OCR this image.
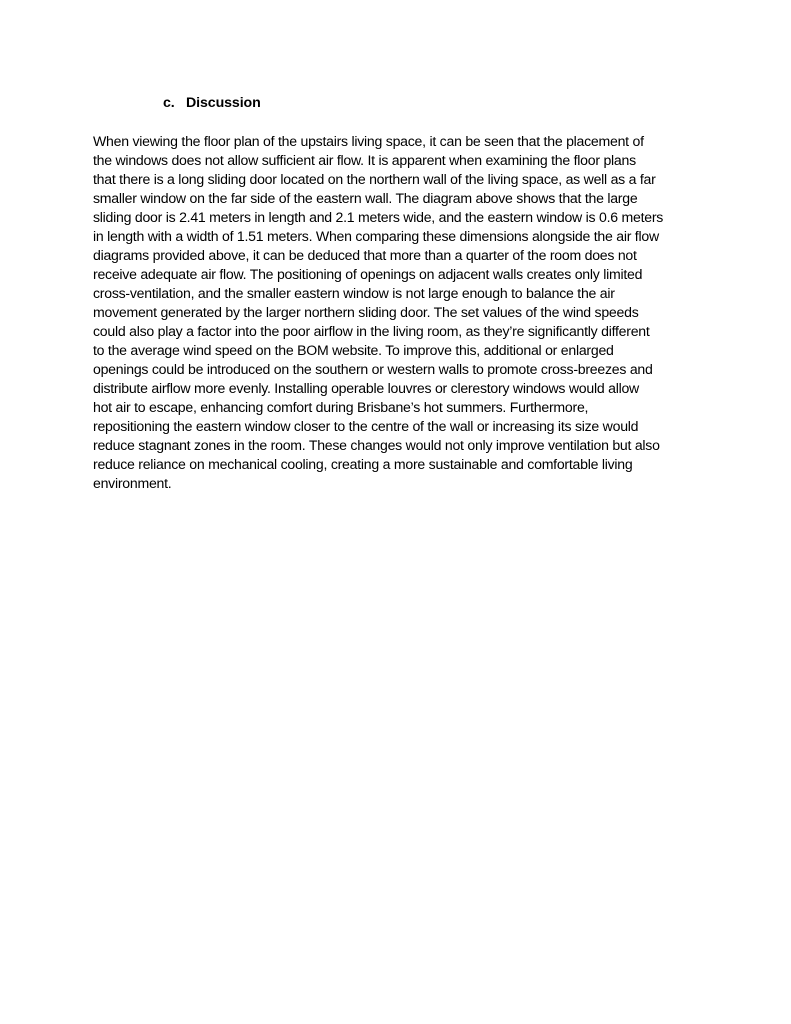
c. Discussion
When viewing the floor plan of the upstairs living space, it can be seen that the placement of
the windows does not allow sufficient air flow. It is apparent when examining the floor plans
that there is a long sliding door located on the northern wall of the living space, as well as a far
smaller window on the far side of the eastern wall. The diagram above shows that the large
sliding door is 2.41 meters in length and 2.1 meters wide, and the eastern window is 0.6 meters
in length with a width of 1.51 meters. When comparing these dimensions alongside the air flow
diagrams provided above, it can be deduced that more than a quarter of the room does not
receive adequate air flow. The positioning of openings on adjacent walls creates only limited
cross-ventilation, and the smaller eastern window is not large enough to balance the air
movement generated by the larger northern sliding door. The set values of the wind speeds
could also play a factor into the poor airflow in the living room, as they’re significantly different
to the average wind speed on the BOM website. To improve this, additional or enlarged
openings could be introduced on the southern or western walls to promote cross-breezes and
distribute airflow more evenly. Installing operable louvres or clerestory windows would allow
hot air to escape, enhancing comfort during Brisbane’s hot summers. Furthermore,
repositioning the eastern window closer to the centre of the wall or increasing its size would
reduce stagnant zones in the room. These changes would not only improve ventilation but also
reduce reliance on mechanical cooling, creating a more sustainable and comfortable living
environment.
